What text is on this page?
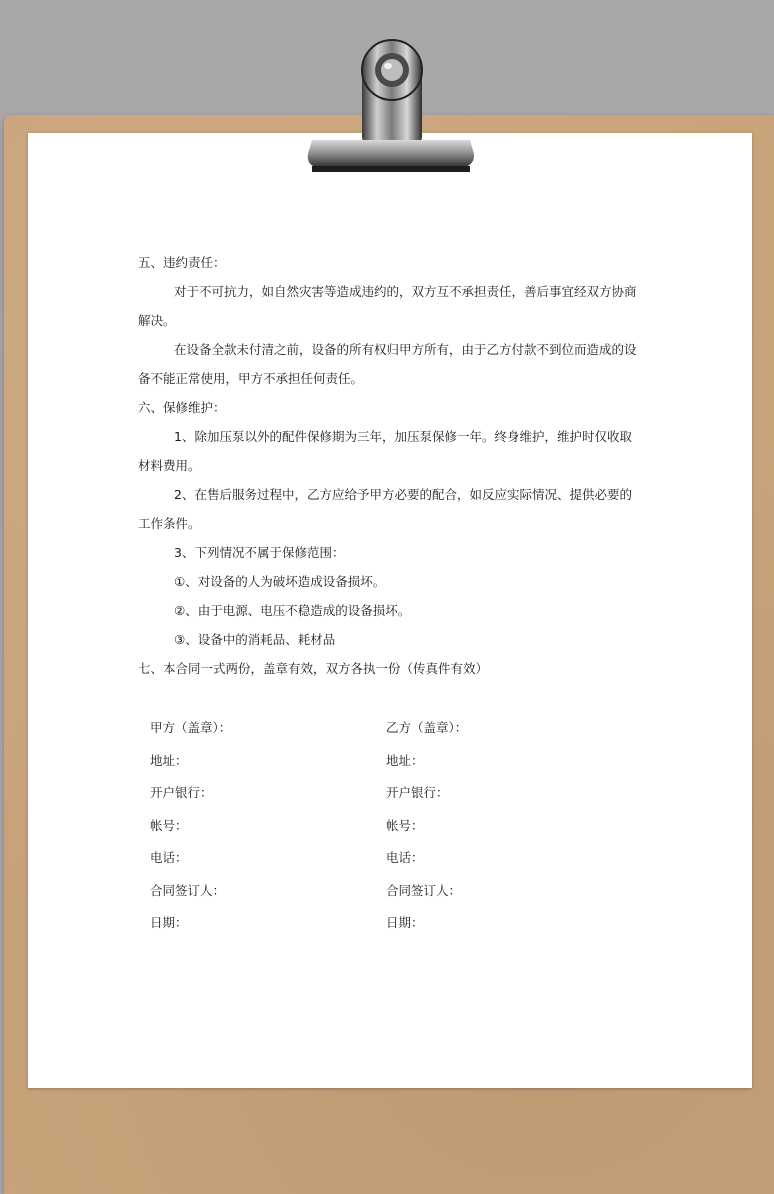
五、违约责任：
对于不可抗力，如自然灾害等造成违约的，双方互不承担责任，善后事宜经双方协商
解决。
在设备全款未付清之前，设备的所有权归甲方所有，由于乙方付款不到位而造成的设
备不能正常使用，甲方不承担任何责任。
六、保修维护：
1、除加压泵以外的配件保修期为三年，加压泵保修一年。终身维护，维护时仅收取
材料费用。
2、在售后服务过程中，乙方应给予甲方必要的配合，如反应实际情况、提供必要的
工作条件。
3、下列情况不属于保修范围：
①、对设备的人为破坏造成设备损坏。
②、由于电源、电压不稳造成的设备损坏。
③、设备中的消耗品、耗材品
七、本合同一式两份，盖章有效，双方各执一份（传真件有效）
甲方（盖章）：	乙方（盖章）：
地址：	地址：
开户银行：	开户银行：
帐号：	帐号：
电话：	电话：
合同签订人：	合同签订人：
日期：	日期：
